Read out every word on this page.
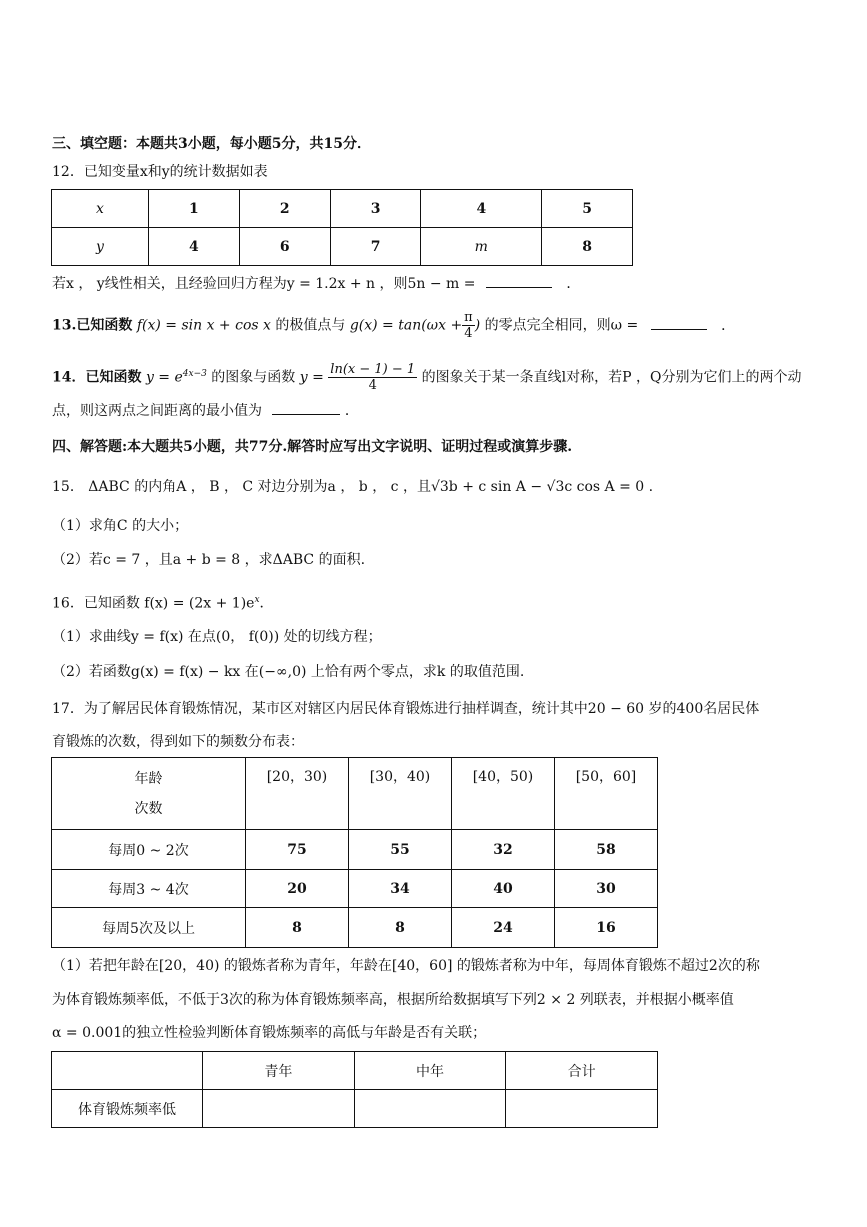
三、填空题：本题共3小题，每小题5分，共15分．
12．已知变量x和y的统计数据如表
x	1	2	3	4	5
y	4	6	7	m	8
若x ， y线性相关，且经验回归方程为y = 1.2x + n ，则5n − m =	．
13.已知函数 f(x) = sin x + cos x 的极值点与 $g(x) = \tan(\omega x + \frac{\pi}{4}$ ) 的零点完全相同，则ω =	．
14．已知函数 $y = e^{4x-3}$ 的图象与函数 $y = \frac{\ln(x - 1) - 1}{4}$ 的图象关于某一条直线l对称，若P ，Q分别为它们上的两个动
点，则这两点之间距离的最小值为	．
四、解答题:本大题共5小题，共77分.解答时应写出文字说明、证明过程或演算步骤.
15． ΔABC 的内角A ， B ， C 对边分别为a ， b ， c ，且√3b + c sin A − √3c cos A = 0 .
（1）求角C 的大小；
（2）若c = 7 ，且a + b = 8 ，求ΔABC 的面积.
16．已知函数 $f(x) = (2x + 1)e^x$．
（1）求曲线y = f(x) 在点(0， f(0)) 处的切线方程；
（2）若函数g(x) = f(x) − kx 在(−∞,0) 上恰有两个零点，求k 的取值范围.
17．为了解居民体育锻炼情况，某市区对辖区内居民体育锻炼进行抽样调查，统计其中20 − 60 岁的400名居民体
育锻炼的次数，得到如下的频数分布表：
年龄
次数	[20，30)	[30，40)	[40，50)	[50，60]
每周0 ~ 2次	75	55	32	58
每周3 ~ 4次	20	34	40	30
每周5次及以上	8	8	24	16
（1）若把年龄在[20，40) 的锻炼者称为青年，年龄在[40，60] 的锻炼者称为中年，每周体育锻炼不超过2次的称
为体育锻炼频率低，不低于3次的称为体育锻炼频率高，根据所给数据填写下列2 × 2 列联表，并根据小概率值
α = 0.001的独立性检验判断体育锻炼频率的高低与年龄是否有关联；
	青年	中年	合计
体育锻炼频率低			
